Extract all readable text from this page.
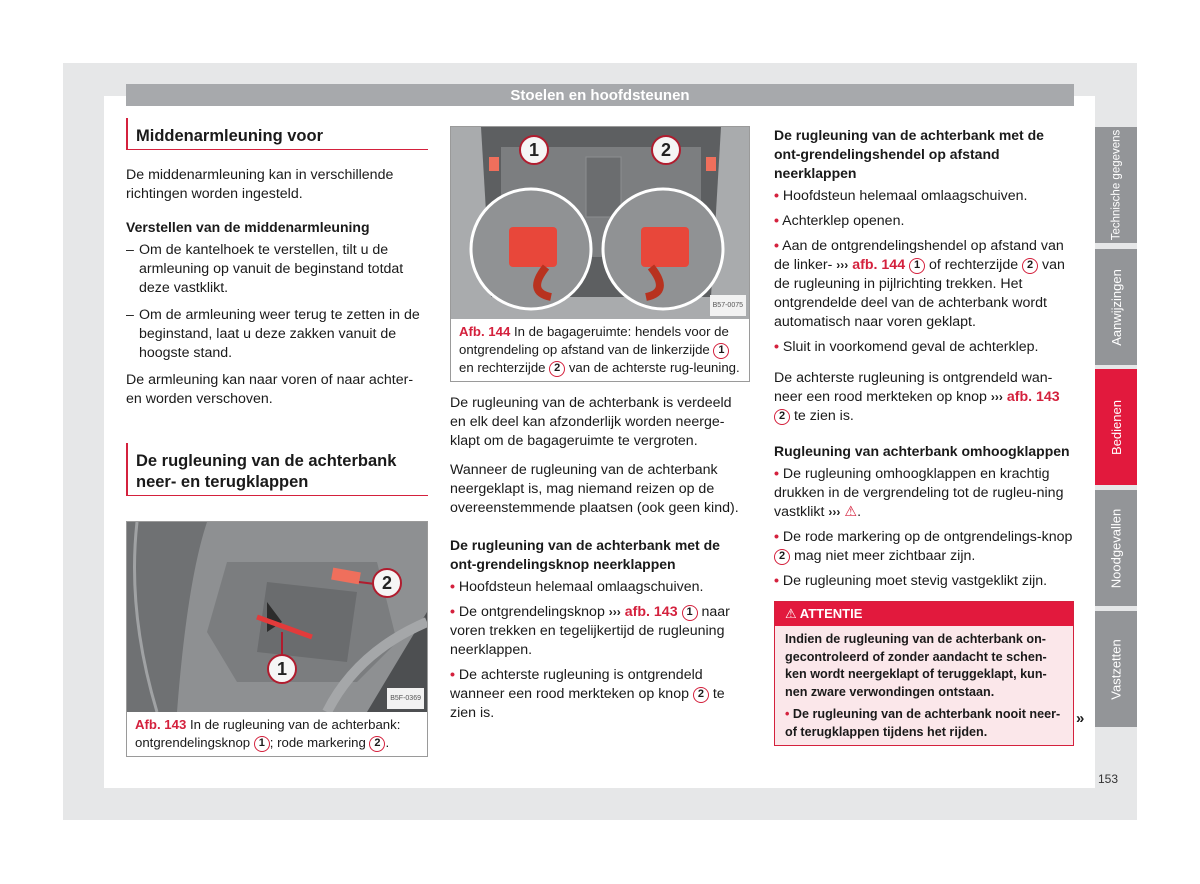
Stoelen en hoofdsteunen
Middenarmleuning voor

De middenarmleuning kan in verschillende richtingen worden ingesteld.

Verstellen van de middenarmleuning
– Om de kantelhoek te verstellen, tilt u de armleuning op vanuit de beginstand totdat deze vastklikt.
– Om de armleuning weer terug te zetten in de beginstand, laat u deze zakken vanuit de hoogste stand.

De armleuning kan naar voren of naar achter-en worden verschoven.

De rugleuning van de achterbank
neer- en terugklappen
1
2
B5F-0369
Afb. 143 In de rugleuning van de achterbank: ontgrendelingsknop 1 ; rode markering 2 .
1	2
B57-0075
Afb. 144 In de bagageruimte: hendels voor de ontgrendeling op afstand van de linkerzijde 1 en rechterzijde 2 van de achterste rug-leuning.

De rugleuning van de achterbank is verdeeld en elk deel kan afzonderlijk worden neerge-klapt om de bagageruimte te vergroten.

Wanneer de rugleuning van de achterbank neergeklapt is, mag niemand reizen op de overeenstemmende plaatsen (ook geen kind).

De rugleuning van de achterbank met de ont-grendelingsknop neerklappen
• Hoofdsteun helemaal omlaagschuiven.
• De ontgrendelingsknop ››› afb. 143 1 naar voren trekken en tegelijkertijd de rugleuning neerklappen.
• De achterste rugleuning is ontgrendeld wanneer een rood merkteken op knop 2 te zien is.
De rugleuning van de achterbank met de ont-grendelingshendel op afstand neerklappen
• Hoofdsteun helemaal omlaagschuiven.
• Achterklep openen.
• Aan de ontgrendelingshendel op afstand van de linker- ››› afb. 144 1 of rechterzijde 2 van de rugleuning in pijlrichting trekken. Het ontgrendelde deel van de achterbank wordt automatisch naar voren geklapt.
• Sluit in voorkomend geval de achterklep.

De achterste rugleuning is ontgrendeld wan-neer een rood merkteken op knop ››› afb. 143 2 te zien is.

Rugleuning van achterbank omhoogklappen
• De rugleuning omhoogklappen en krachtig drukken in de vergrendeling tot de rugleu-ning vastklikt ››› ⚠.
• De rode markering op de ontgrendelings-knop 2 mag niet meer zichtbaar zijn.
• De rugleuning moet stevig vastgeklikt zijn.
⚠ ATTENTIE

Indien de rugleuning van de achterbank on-gecontroleerd of zonder aandacht te schen-ken wordt neergeklapt of teruggeklapt, kun-nen zware verwondingen ontstaan.

• De rugleuning van de achterbank nooit neer- of terugklappen tijdens het rijden.

»
Technische gegevens
Aanwijzingen
Bedienen
Noodgevallen
Vastzetten
153
